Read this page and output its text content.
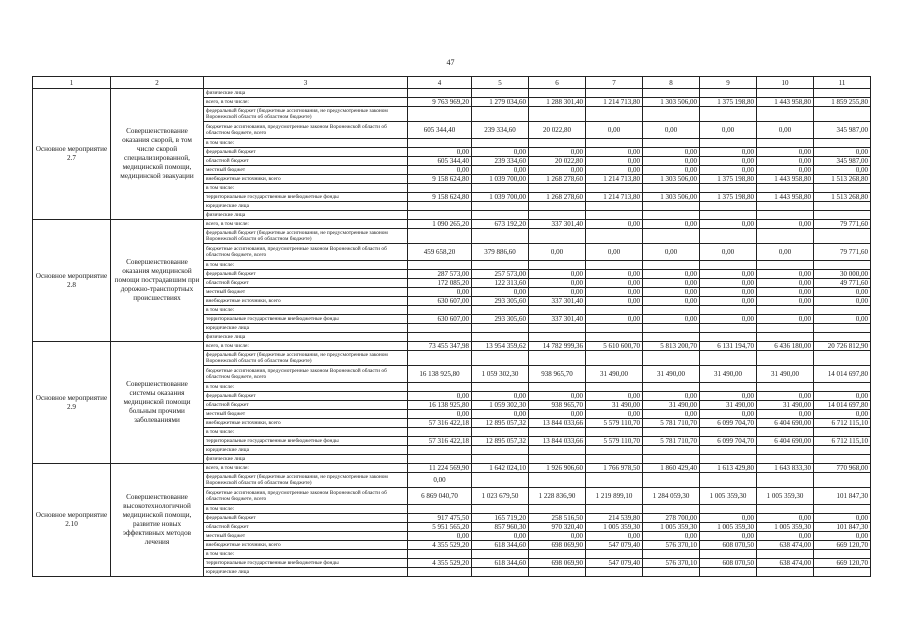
47
1	2	3	4	5	6	7	8	9	10	11
Основное мероприятие 2.7	Совершенствование оказания скорой, в том числе скорой специализированной, медицинской помощи, медицинской эвакуации	физические лица								
		всего, в том числе:	9 763 969,20	1 279 034,60	1 288 301,40	1 214 713,80	1 303 506,00	1 375 198,80	1 443 958,80	1 859 255,80
		федеральный бюджет (бюджетные ассигнования, не предусмотренные законом Воронежской области об областном бюджете)								
		бюджетные ассигнования, предусмотренные законом Воронежской области об областном бюджете, всего	605 344,40	239 334,60	20 022,80	0,00	0,00	0,00	0,00	345 987,00
		в том числе:								
		федеральный бюджет	0,00	0,00	0,00	0,00	0,00	0,00	0,00	0,00
		областной бюджет	605 344,40	239 334,60	20 022,80	0,00	0,00	0,00	0,00	345 987,00
		местный бюджет	0,00	0,00	0,00	0,00	0,00	0,00	0,00	0,00
		внебюджетные источники, всего	9 158 624,80	1 039 700,00	1 268 278,60	1 214 713,80	1 303 506,00	1 375 198,80	1 443 958,80	1 513 268,80
		в том числе:								
		территориальные государственные внебюджетные фонды	9 158 624,80	1 039 700,00	1 268 278,60	1 214 713,80	1 303 506,00	1 375 198,80	1 443 958,80	1 513 268,80
		юридические лица								
		физические лица								
Основное мероприятие 2.8	Совершенствование оказания медицинской помощи пострадавшим при дорожно-транспортных происшествиях	всего, в том числе:	1 090 265,20	673 192,20	337 301,40	0,00	0,00	0,00	0,00	79 771,60
		федеральный бюджет (бюджетные ассигнования, не предусмотренные законом Воронежской области об областном бюджете)								
		бюджетные ассигнования, предусмотренные законом Воронежской области об областном бюджете, всего	459 658,20	379 886,60	0,00	0,00	0,00	0,00	0,00	79 771,60
		в том числе:								
		федеральный бюджет	287 573,00	257 573,00	0,00	0,00	0,00	0,00	0,00	30 000,00
		областной бюджет	172 085,20	122 313,60	0,00	0,00	0,00	0,00	0,00	49 771,60
		местный бюджет	0,00	0,00	0,00	0,00	0,00	0,00	0,00	0,00
		внебюджетные источники, всего	630 607,00	293 305,60	337 301,40	0,00	0,00	0,00	0,00	0,00
		в том числе:								
		территориальные государственные внебюджетные фонды	630 607,00	293 305,60	337 301,40	0,00	0,00	0,00	0,00	0,00
		юридические лица								
		физические лица								
Основное мероприятие 2.9	Совершенствование системы оказания медицинской помощи больным прочими заболеваниями	всего, в том числе:	73 455 347,98	13 954 359,62	14 782 999,36	5 610 600,70	5 813 200,70	6 131 194,70	6 436 180,00	20 726 812,90
		федеральный бюджет (бюджетные ассигнования, не предусмотренные законом Воронежской области об областном бюджете)								
		бюджетные ассигнования, предусмотренные законом Воронежской области об областном бюджете, всего	16 138 925,80	1 059 302,30	938 965,70	31 490,00	31 490,00	31 490,00	31 490,00	14 014 697,80
		в том числе:								
		федеральный бюджет	0,00	0,00	0,00	0,00	0,00	0,00	0,00	0,00
		областной бюджет	16 138 925,80	1 059 302,30	938 965,70	31 490,00	31 490,00	31 490,00	31 490,00	14 014 697,80
		местный бюджет	0,00	0,00	0,00	0,00	0,00	0,00	0,00	0,00
		внебюджетные источники, всего	57 316 422,18	12 895 057,32	13 844 033,66	5 579 110,70	5 781 710,70	6 099 704,70	6 404 690,00	6 712 115,10
		в том числе:								
		территориальные государственные внебюджетные фонды	57 316 422,18	12 895 057,32	13 844 033,66	5 579 110,70	5 781 710,70	6 099 704,70	6 404 690,00	6 712 115,10
		юридические лица								
		физические лица								
Основное мероприятие 2.10	Совершенствование высокотехнологичной медицинской помощи, развитие новых эффективных методов лечения	всего, в том числе:	11 224 569,90	1 642 024,10	1 926 906,60	1 766 978,50	1 860 429,40	1 613 429,80	1 643 833,30	770 968,00
		федеральный бюджет (бюджетные ассигнования, не предусмотренные законом Воронежской области об областном бюджете)	0,00							
		бюджетные ассигнования, предусмотренные законом Воронежской области об областном бюджете, всего	6 869 040,70	1 023 679,50	1 228 836,90	1 219 899,10	1 284 059,30	1 005 359,30	1 005 359,30	101 847,30
		в том числе:								
		федеральный бюджет	917 475,50	165 719,20	258 516,50	214 539,80	278 700,00	0,00	0,00	0,00
		областной бюджет	5 951 565,20	857 960,30	970 320,40	1 005 359,30	1 005 359,30	1 005 359,30	1 005 359,30	101 847,30
		местный бюджет	0,00	0,00	0,00	0,00	0,00	0,00	0,00	0,00
		внебюджетные источники, всего	4 355 529,20	618 344,60	698 069,90	547 079,40	576 370,10	608 070,50	638 474,00	669 120,70
		в том числе:								
		территориальные государственные внебюджетные фонды	4 355 529,20	618 344,60	698 069,90	547 079,40	576 370,10	608 070,50	638 474,00	669 120,70
		юридические лица								
